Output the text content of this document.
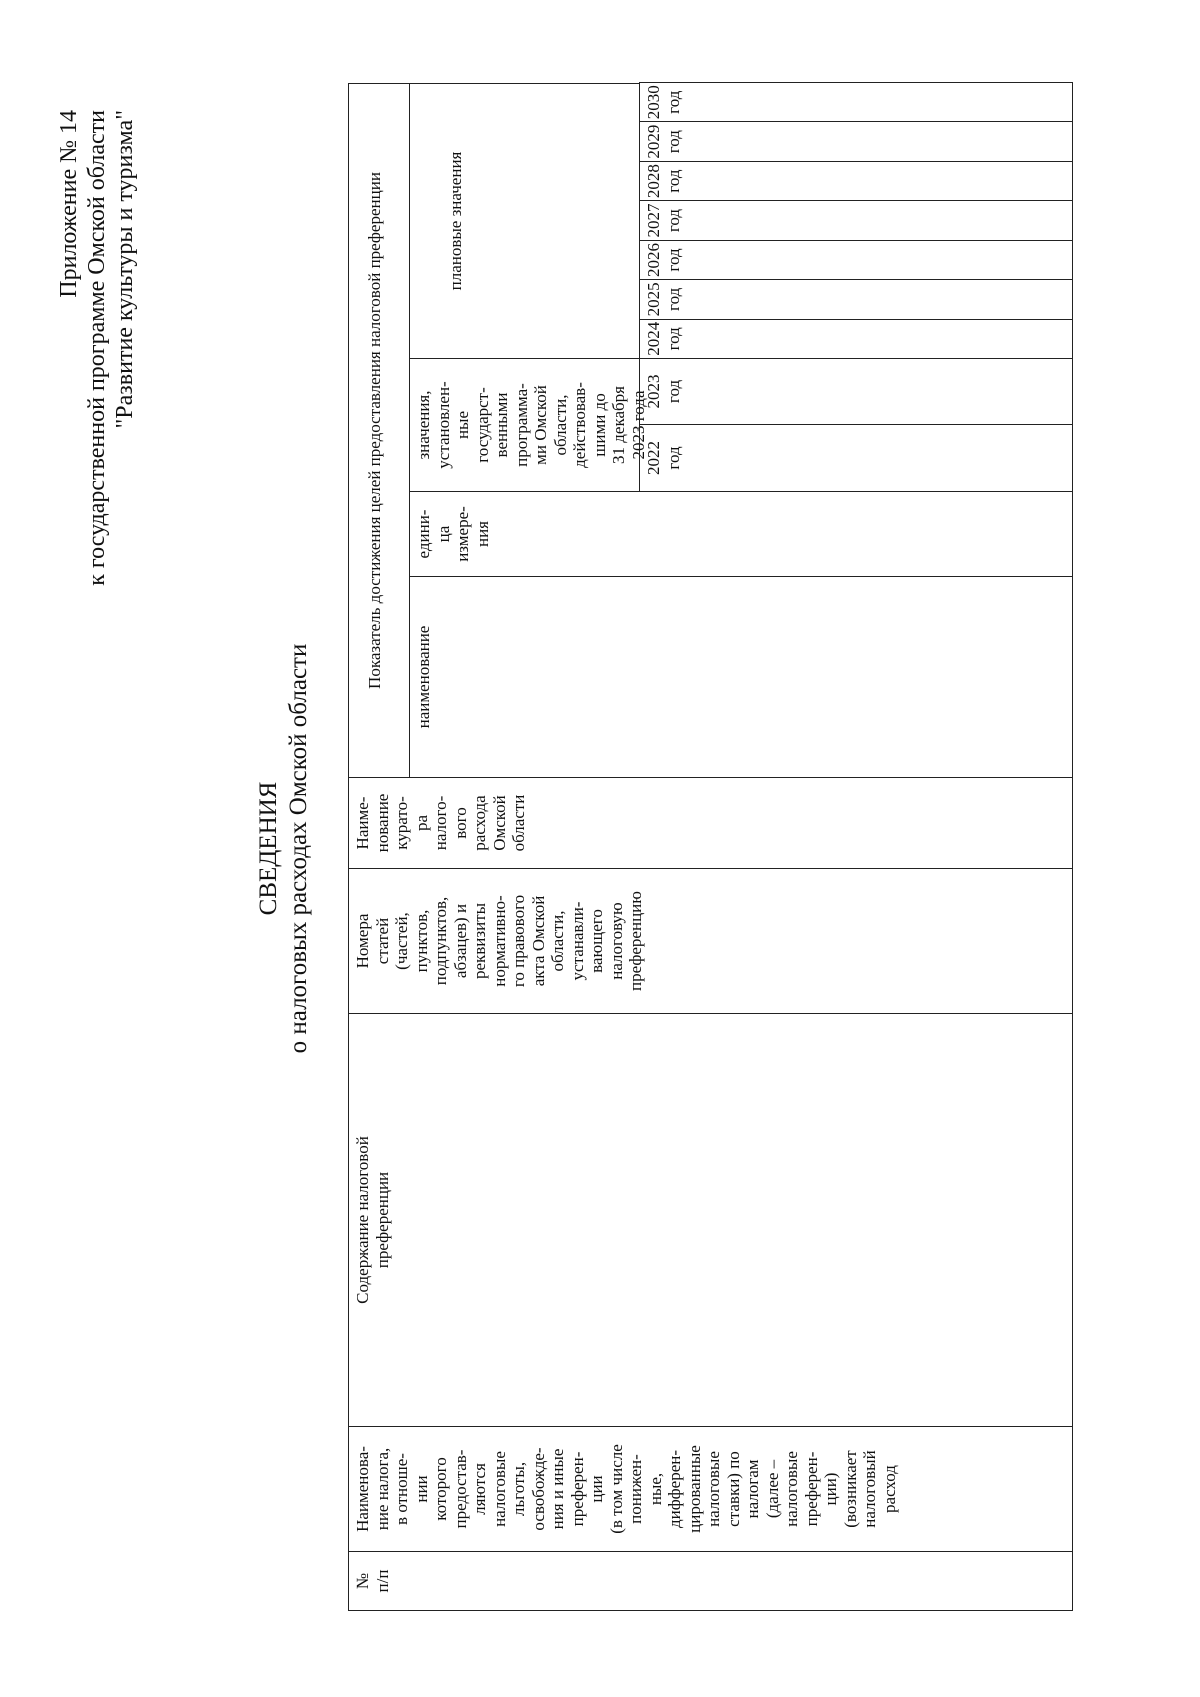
Приложение № 14 к государственной программе Омской области "Развитие культуры и туризма"
СВЕДЕНИЯ о налоговых расходах Омской области
№ п/п
Наименова- ние налога, в отноше- нии которого предостав- ляются налоговые льготы, освобожде- ния и иные преферен- ции (в том числе понижен- ные, дифферен- цированные налоговые ставки) по налогам (далее – налоговые преферен- ции) (возникает налоговый расход
Содержание налоговой преференции
Номера статей (частей, пунктов, подпунктов, абзацев) и реквизиты нормативно- го правового акта Омской области, устанавли- вающего налоговую преференцию
Наиме- нование курато- ра налого- вого расхода Омской области
Показатель достижения целей предоставления налоговой преференции	наименование
едини- ца измере- ния
значения, установлен- ные государст- венными программа- ми Омской области, действовав- шими до 31 декабря 2023 года
плановые значения
2022 год
2023 год
2024 год
2025 год
2026 год
2027 год
2028 год
2029 год
2030 год
